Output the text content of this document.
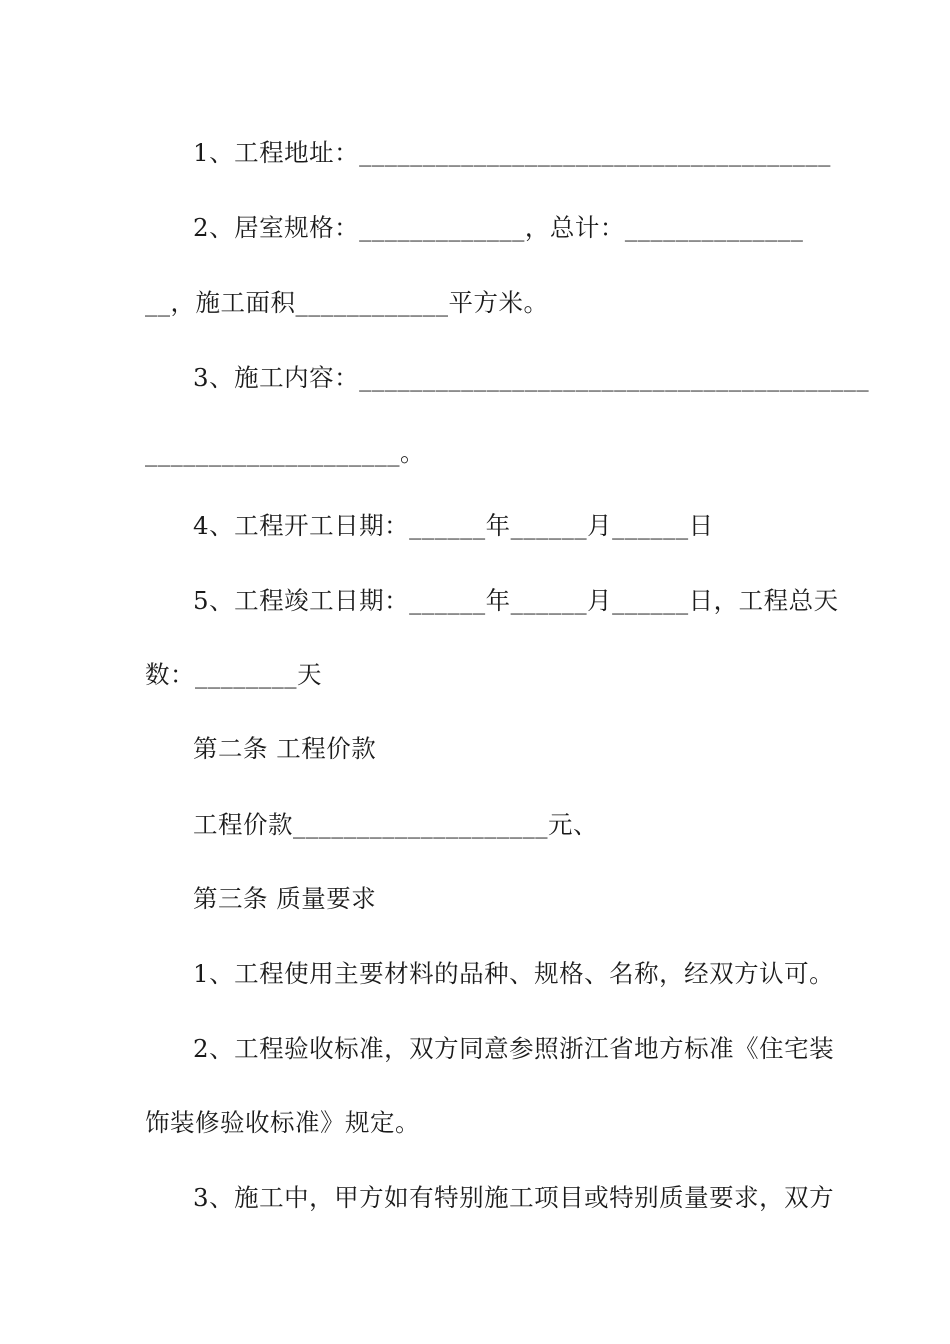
1、工程地址：_____________________________________
2、居室规格：_____________，总计：______________
__，施工面积____________平方米。
3、施工内容：________________________________________
____________________。
4、工程开工日期：______年______月______日
5、工程竣工日期：______年______月______日，工程总天
数：________天
第二条 工程价款
工程价款____________________元、
第三条 质量要求
1、工程使用主要材料的品种、规格、名称，经双方认可。
2、工程验收标准，双方同意参照浙江省地方标准《住宅装
饰装修验收标准》规定。
3、施工中，甲方如有特别施工项目或特别质量要求，双方
